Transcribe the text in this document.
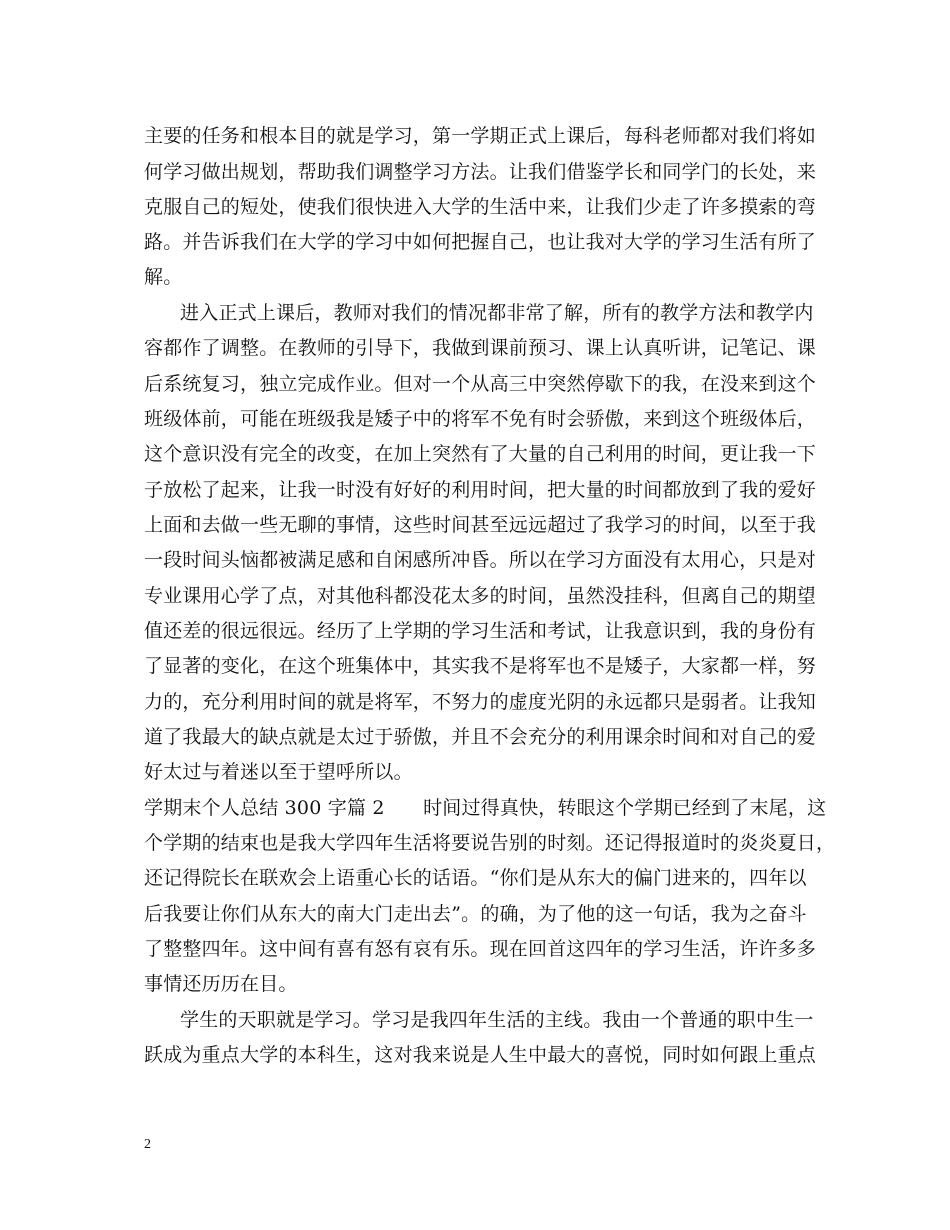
主要的任务和根本目的就是学习，第一学期正式上课后，每科老师都对我们将如
何学习做出规划，帮助我们调整学习方法。让我们借鉴学长和同学门的长处，来
克服自己的短处，使我们很快进入大学的生活中来，让我们少走了许多摸索的弯
路。并告诉我们在大学的学习中如何把握自己，也让我对大学的学习生活有所了
解。
进入正式上课后，教师对我们的情况都非常了解，所有的教学方法和教学内
容都作了调整。在教师的引导下，我做到课前预习、课上认真听讲，记笔记、课
后系统复习，独立完成作业。但对一个从高三中突然停歇下的我，在没来到这个
班级体前，可能在班级我是矮子中的将军不免有时会骄傲，来到这个班级体后，
这个意识没有完全的改变，在加上突然有了大量的自己利用的时间，更让我一下
子放松了起来，让我一时没有好好的利用时间，把大量的时间都放到了我的爱好
上面和去做一些无聊的事情，这些时间甚至远远超过了我学习的时间，以至于我
一段时间头恼都被满足感和自闲感所冲昏。所以在学习方面没有太用心，只是对
专业课用心学了点，对其他科都没花太多的时间，虽然没挂科，但离自己的期望
值还差的很远很远。经历了上学期的学习生活和考试，让我意识到，我的身份有
了显著的变化，在这个班集体中，其实我不是将军也不是矮子，大家都一样，努
力的，充分利用时间的就是将军，不努力的虚度光阴的永远都只是弱者。让我知
道了我最大的缺点就是太过于骄傲，并且不会充分的利用课余时间和对自己的爱
好太过与着迷以至于望呼所以。
学期末个人总结 300 字篇 2　　时间过得真快，转眼这个学期已经到了末尾，这
个学期的结束也是我大学四年生活将要说告别的时刻。还记得报道时的炎炎夏日，
还记得院长在联欢会上语重心长的话语。“你们是从东大的偏门进来的，四年以
后我要让你们从东大的南大门走出去”。的确，为了他的这一句话，我为之奋斗
了整整四年。这中间有喜有怒有哀有乐。现在回首这四年的学习生活，许许多多
事情还历历在目。
学生的天职就是学习。学习是我四年生活的主线。我由一个普通的职中生一
跃成为重点大学的本科生，这对我来说是人生中最大的喜悦，同时如何跟上重点
2
